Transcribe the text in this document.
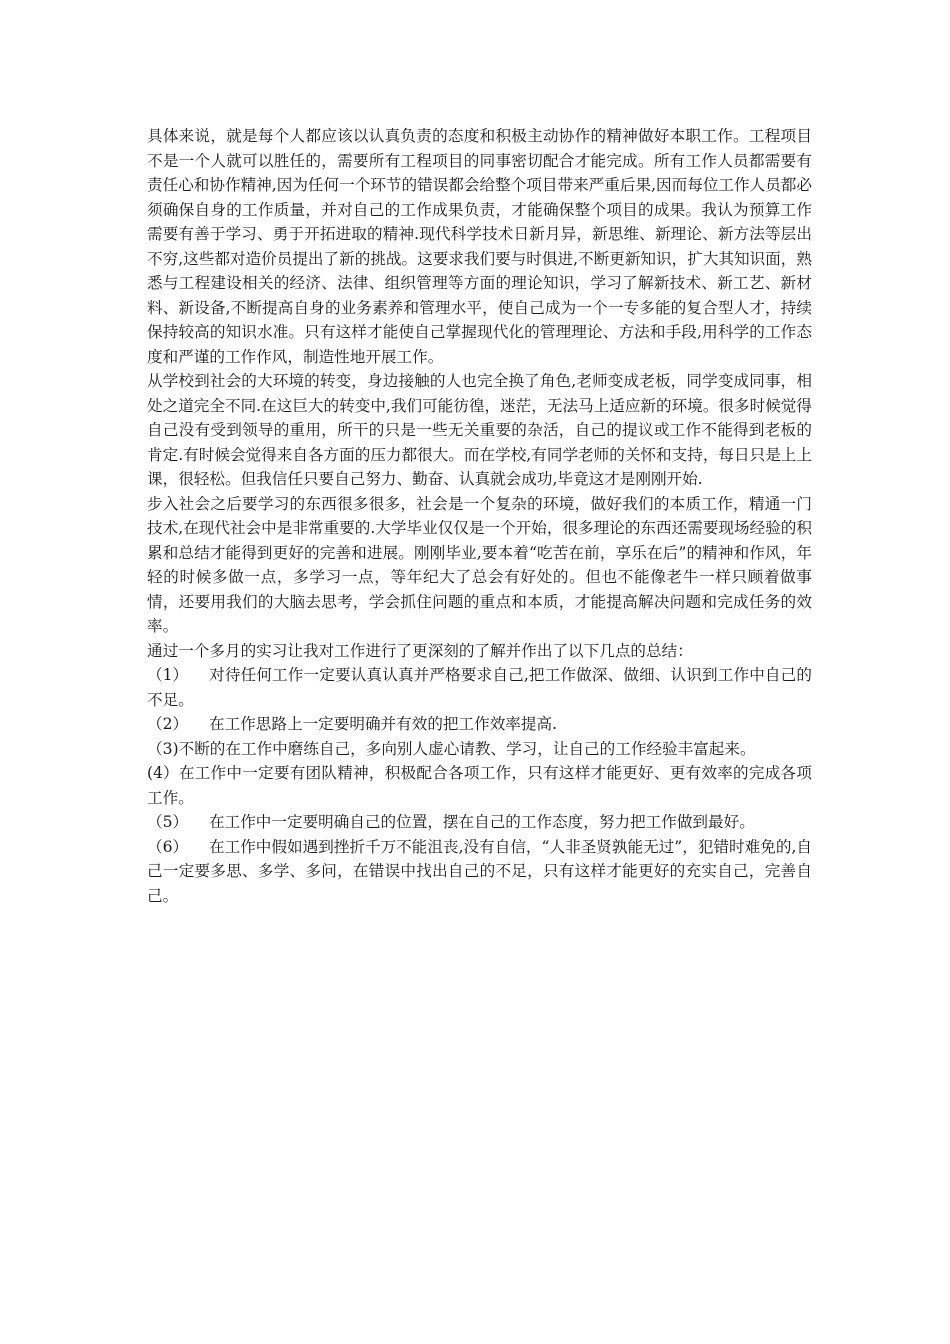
具体来说，就是每个人都应该以认真负责的态度和积极主动协作的精神做好本职工作。工程项目不是一个人就可以胜任的，需要所有工程项目的同事密切配合才能完成。所有工作人员都需要有责任心和协作精神,因为任何一个环节的错误都会给整个项目带来严重后果,因而每位工作人员都必须确保自身的工作质量，并对自己的工作成果负责，才能确保整个项目的成果。我认为预算工作需要有善于学习、勇于开拓进取的精神.现代科学技术日新月异，新思维、新理论、新方法等层出不穷,这些都对造价员提出了新的挑战。这要求我们要与时俱进,不断更新知识，扩大其知识面，熟悉与工程建设相关的经济、法律、组织管理等方面的理论知识，学习了解新技术、新工艺、新材料、新设备,不断提高自身的业务素养和管理水平，使自己成为一个一专多能的复合型人才，持续保持较高的知识水准。只有这样才能使自己掌握现代化的管理理论、方法和手段,用科学的工作态度和严谨的工作作风，制造性地开展工作。

从学校到社会的大环境的转变，身边接触的人也完全换了角色,老师变成老板，同学变成同事，相处之道完全不同.在这巨大的转变中,我们可能彷徨，迷茫，无法马上适应新的环境。很多时候觉得自己没有受到领导的重用，所干的只是一些无关重要的杂活，自己的提议或工作不能得到老板的肯定.有时候会觉得来自各方面的压力都很大。而在学校,有同学老师的关怀和支持，每日只是上上课，很轻松。但我信任只要自己努力、勤奋、认真就会成功,毕竟这才是刚刚开始.

步入社会之后要学习的东西很多很多，社会是一个复杂的环境，做好我们的本质工作，精通一门技术,在现代社会中是非常重要的.大学毕业仅仅是一个开始，很多理论的东西还需要现场经验的积累和总结才能得到更好的完善和进展。刚刚毕业,要本着“吃苦在前，享乐在后”的精神和作风，年轻的时候多做一点，多学习一点，等年纪大了总会有好处的。但也不能像老牛一样只顾着做事情，还要用我们的大脑去思考，学会抓住问题的重点和本质，才能提高解决问题和完成任务的效率。

通过一个多月的实习让我对工作进行了更深刻的了解并作出了以下几点的总结：

（1） 对待任何工作一定要认真认真并严格要求自己,把工作做深、做细、认识到工作中自己的不足。

（2） 在工作思路上一定要明确并有效的把工作效率提高.

（3)不断的在工作中磨练自己，多向别人虚心请教、学习，让自己的工作经验丰富起来。

(4）在工作中一定要有团队精神，积极配合各项工作，只有这样才能更好、更有效率的完成各项工作。

（5） 在工作中一定要明确自己的位置，摆在自己的工作态度，努力把工作做到最好。

（6） 在工作中假如遇到挫折千万不能沮丧,没有自信，“人非圣贤孰能无过”，犯错时难免的,自己一定要多思、多学、多问，在错误中找出自己的不足，只有这样才能更好的充实自己，完善自己。
